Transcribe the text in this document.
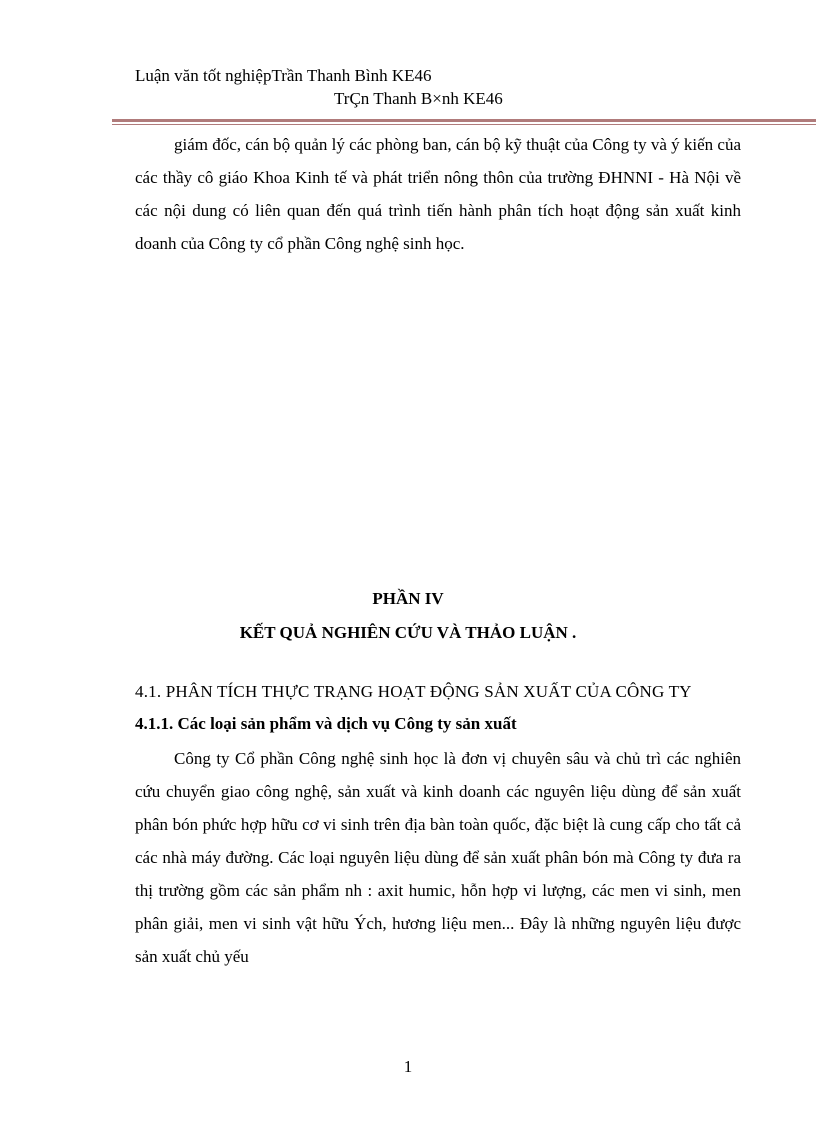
Luận văn tốt nghiệpTrần Thanh Bình KE46
TrÇn Thanh B×nh KE46

giám đốc, cán bộ quản lý các phòng ban, cán bộ kỹ thuật của Công ty và ý kiến của các thầy cô giáo Khoa Kinh tế và phát triển nông thôn của trường ĐHNNI - Hà Nội về các nội dung có liên quan đến quá trình tiến hành phân tích hoạt động sản xuất kinh doanh của Công ty cổ phần Công nghệ sinh học.

PHẦN IV
KẾT QUẢ NGHIÊN CỨU VÀ THẢO LUẬN .
4.1. PHÂN TÍCH THỰC TRẠNG HOẠT ĐỘNG SẢN XUẤT CỦA CÔNG TY
4.1.1. Các loại sản phẩm và dịch vụ Công ty sản xuất

Công ty Cổ phần Công nghệ sinh học là đơn vị chuyên sâu và chủ trì các nghiên cứu chuyển giao công nghệ, sản xuất và kinh doanh các nguyên liệu dùng để sản xuất phân bón phức hợp hữu cơ vi sinh trên địa bàn toàn quốc, đặc biệt là cung cấp cho tất cả các nhà máy đường. Các loại nguyên liệu dùng để sản xuất phân bón mà Công ty đưa ra thị trường gồm các sản phẩm nh : axit humic, hỗn hợp vi lượng, các men vi sinh, men phân giải, men vi sinh vật hữu Ých, hương liệu men... Đây là những nguyên liệu được sản xuất chủ yếu

1
